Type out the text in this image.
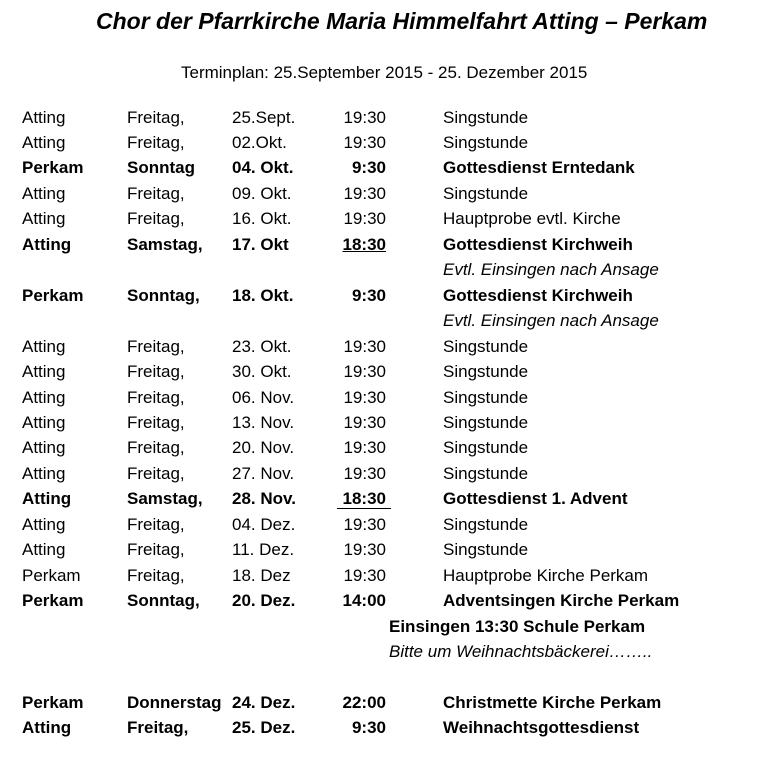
Chor der Pfarrkirche Maria Himmelfahrt Atting – Perkam
Terminplan: 25.September 2015 - 25. Dezember 2015
Atting	Freitag,	25.Sept.	19:30	Singstunde
Atting	Freitag,	02.Okt.	19:30	Singstunde
Perkam	Sonntag 04. Okt.	9:30	Gottesdienst Erntedank
Atting	Freitag,	09. Okt.	19:30	Singstunde
Atting	Freitag,	16. Okt.	19:30	Hauptprobe evtl. Kirche
Atting	Samstag, 17. Okt	18:30	Gottesdienst Kirchweih
Evtl. Einsingen nach Ansage
Perkam	Sonntag, 18. Okt.	9:30	Gottesdienst Kirchweih
Evtl. Einsingen nach Ansage
Atting	Freitag,	23. Okt.	19:30	Singstunde
Atting	Freitag,	30. Okt.	19:30	Singstunde
Atting	Freitag,	06. Nov.	19:30	Singstunde
Atting	Freitag,	13. Nov.	19:30	Singstunde
Atting	Freitag,	20. Nov.	19:30	Singstunde
Atting	Freitag,	27. Nov.	19:30	Singstunde
Atting	Samstag, 28. Nov.	18:30	Gottesdienst 1. Advent
Atting	Freitag,	04. Dez.	19:30	Singstunde
Atting	Freitag,	11. Dez.	19:30	Singstunde
Perkam	Freitag,	18. Dez	19:30	Hauptprobe Kirche Perkam
Perkam	Sonntag, 20. Dez.	14:00	Adventsingen Kirche Perkam
Einsingen 13:30 Schule Perkam
Bitte um Weihnachtsbäckerei……..
Perkam	Donnerstag 24. Dez.	22:00	Christmette Kirche Perkam
Atting	Freitag,	25. Dez.	9:30	Weihnachtsgottesdienst
